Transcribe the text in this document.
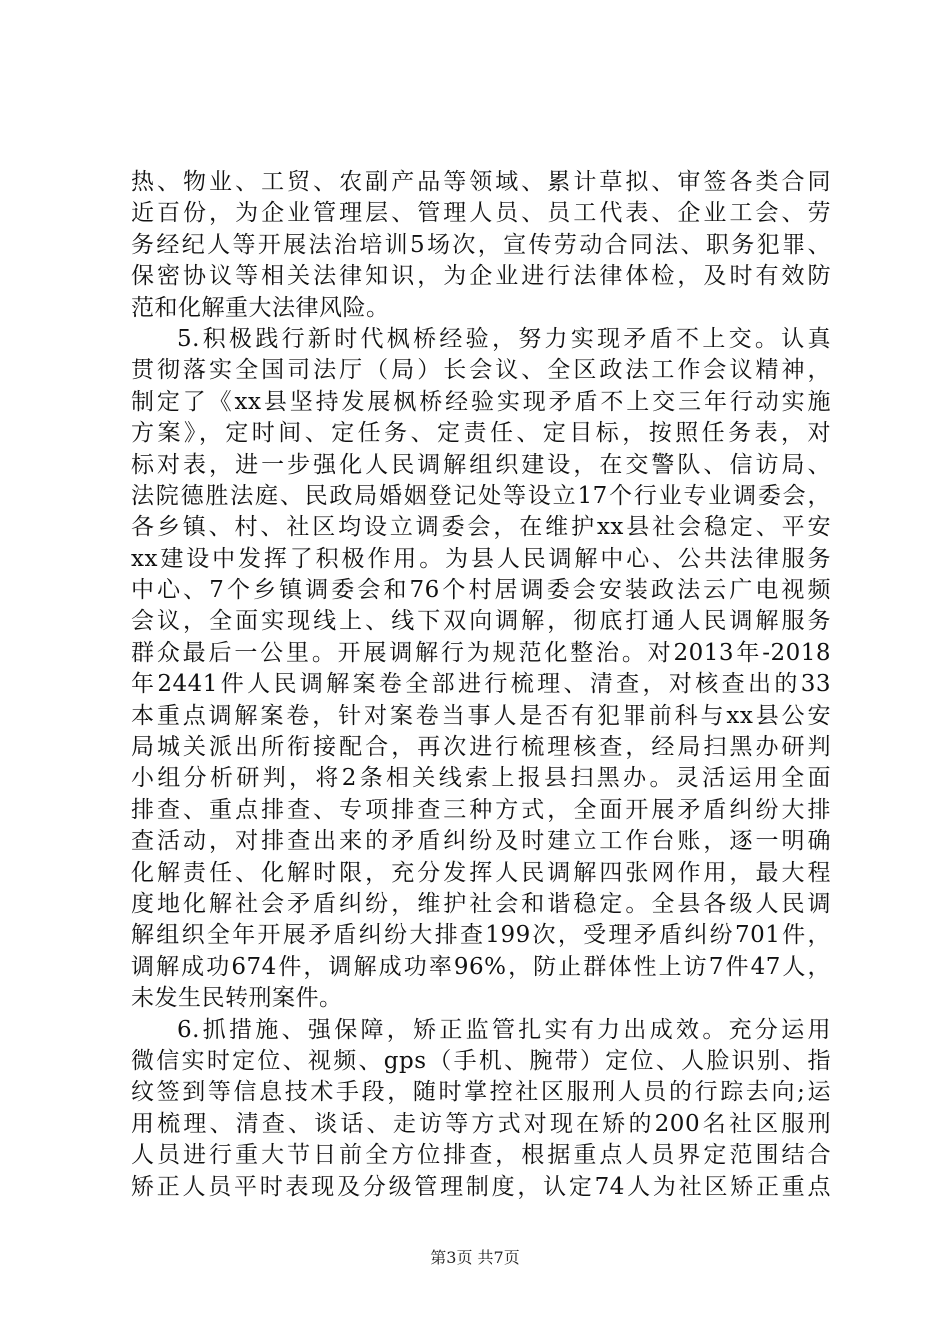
热、物业、工贸、农副产品等领域、累计草拟、审签各类合同
近百份，为企业管理层、管理人员、员工代表、企业工会、劳
务经纪人等开展法治培训5场次，宣传劳动合同法、职务犯罪、
保密协议等相关法律知识，为企业进行法律体检，及时有效防
范和化解重大法律风险。
5.积极践行新时代枫桥经验，努力实现矛盾不上交。认真
贯彻落实全国司法厅（局）长会议、全区政法工作会议精神，
制定了《xx县坚持发展枫桥经验实现矛盾不上交三年行动实施
方案》，定时间、定任务、定责任、定目标，按照任务表，对
标对表，进一步强化人民调解组织建设，在交警队、信访局、
法院德胜法庭、民政局婚姻登记处等设立17个行业专业调委会，
各乡镇、村、社区均设立调委会，在维护xx县社会稳定、平安
xx建设中发挥了积极作用。为县人民调解中心、公共法律服务
中心、7个乡镇调委会和76个村居调委会安装政法云广电视频
会议，全面实现线上、线下双向调解，彻底打通人民调解服务
群众最后一公里。开展调解行为规范化整治。对2013年-2018
年2441件人民调解案卷全部进行梳理、清查，对核查出的33
本重点调解案卷，针对案卷当事人是否有犯罪前科与xx县公安
局城关派出所衔接配合，再次进行梳理核查，经局扫黑办研判
小组分析研判，将2条相关线索上报县扫黑办。灵活运用全面
排查、重点排查、专项排查三种方式，全面开展矛盾纠纷大排
查活动，对排查出来的矛盾纠纷及时建立工作台账，逐一明确
化解责任、化解时限，充分发挥人民调解四张网作用，最大程
度地化解社会矛盾纠纷，维护社会和谐稳定。全县各级人民调
解组织全年开展矛盾纠纷大排查199次，受理矛盾纠纷701件，
调解成功674件，调解成功率96%，防止群体性上访7件47人，
未发生民转刑案件。
6.抓措施、强保障，矫正监管扎实有力出成效。充分运用
微信实时定位、视频、gps（手机、腕带）定位、人脸识别、指
纹签到等信息技术手段，随时掌控社区服刑人员的行踪去向;运
用梳理、清查、谈话、走访等方式对现在矫的200名社区服刑
人员进行重大节日前全方位排查，根据重点人员界定范围结合
矫正人员平时表现及分级管理制度，认定74人为社区矫正重点
第3页 共7页
